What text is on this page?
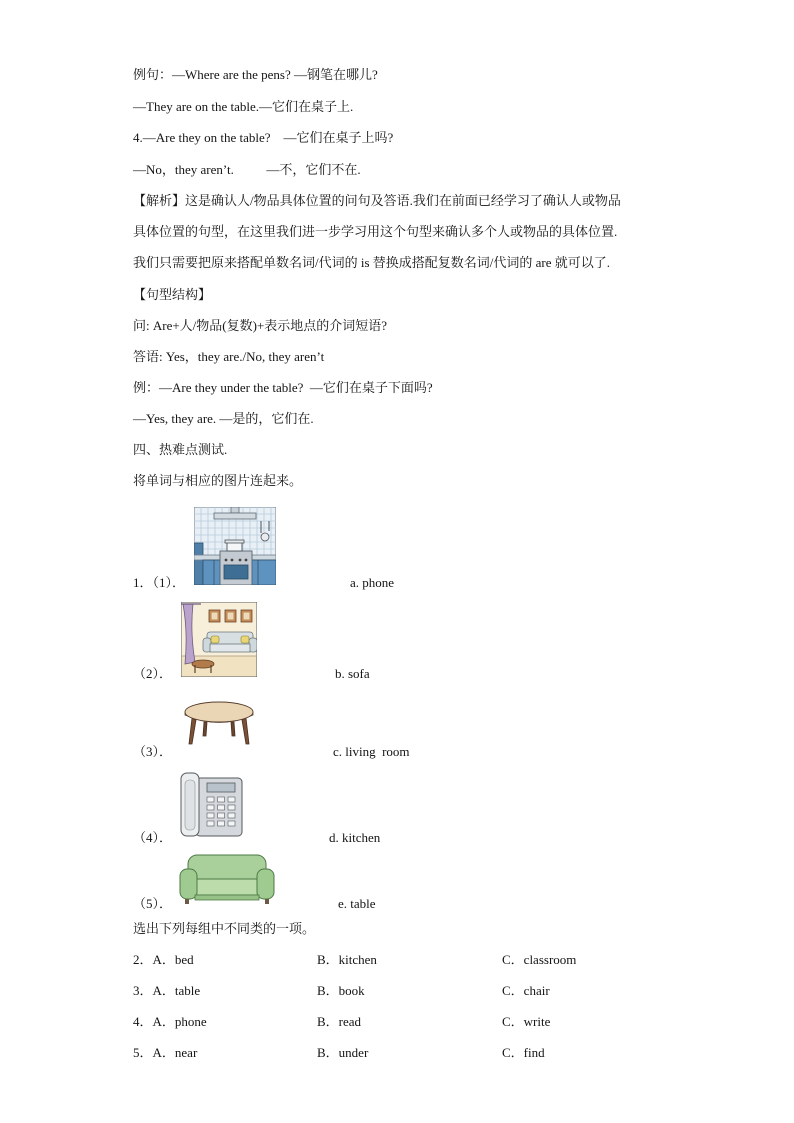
例句：—Where are the pens? —钢笔在哪儿?
—They are on the table.—它们在桌子上.
4.—Are they on the table?    —它们在桌子上吗?
—No，they aren’t.          —不，它们不在.
【解析】这是确认人/物品具体位置的问句及答语.我们在前面已经学习了确认人或物品
具体位置的句型，在这里我们进一步学习用这个句型来确认多个人或物品的具体位置.
我们只需要把原来搭配单数名词/代词的 is 替换成搭配复数名词/代词的 are 就可以了.
【句型结构】
问: Are+人/物品(复数)+表示地点的介词短语?
答语: Yes，they are./No, they aren’t
例：—Are they under the table?  —它们在桌子下面吗?
—Yes, they are. —是的，它们在.
四、热难点测试.
将单词与相应的图片连起来。
1．（1）．	a. phone
（2）．	b. sofa
（3）．	c. living  room
（4）．	d. kitchen
（5）．	e. table
选出下列每组中不同类的一项。
2．A．bed	B．kitchen	C．classroom
3．A．table	B．book	C．chair
4．A．phone	B．read	C．write
5．A．near	B．under	C．find
